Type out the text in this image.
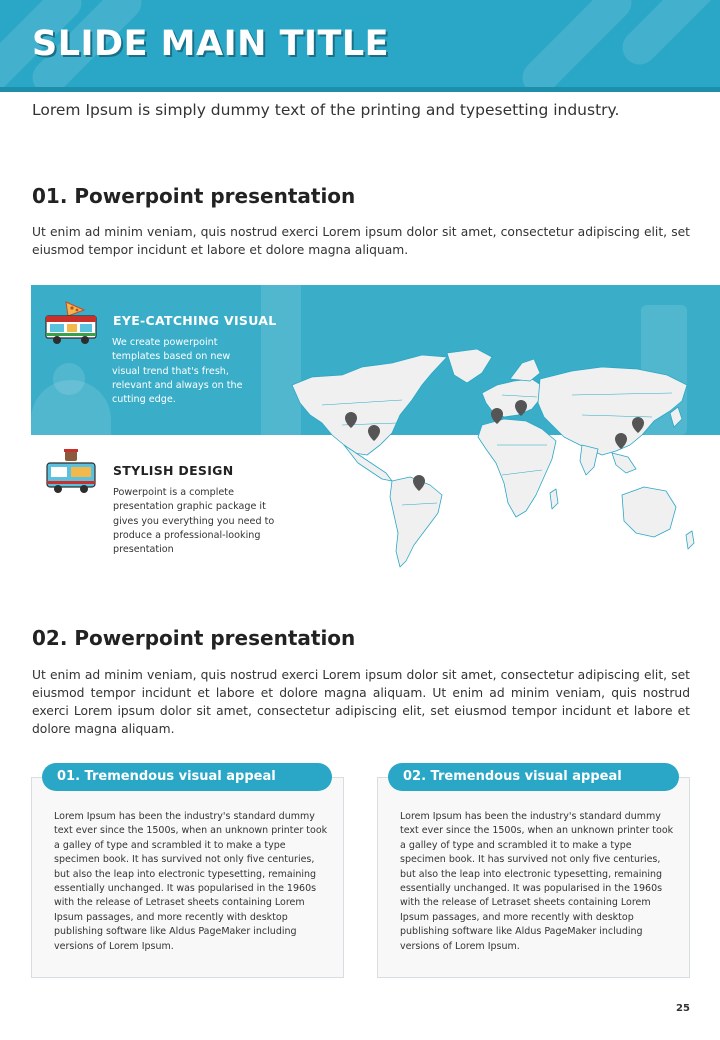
SLIDE MAIN TITLE
Lorem Ipsum is simply dummy text of the printing and typesetting industry.
01. Powerpoint presentation
Ut enim ad minim veniam, quis nostrud exerci Lorem ipsum dolor sit amet, consectetur adipiscing elit, set eiusmod tempor incidunt et labore et dolore magna aliquam.
EYE-CATCHING VISUAL
We create powerpoint templates based on new visual trend that's fresh, relevant and always on the cutting edge.
STYLISH DESIGN
Powerpoint is a complete presentation graphic package it gives you everything you need to produce a professional-looking presentation
02. Powerpoint presentation
Ut enim ad minim veniam, quis nostrud exerci Lorem ipsum dolor sit amet, consectetur adipiscing elit, set eiusmod tempor incidunt et labore et dolore magna aliquam. Ut enim ad minim veniam, quis nostrud exerci Lorem ipsum dolor sit amet, consectetur adipiscing elit, set eiusmod tempor incidunt et labore et dolore magna aliquam.
Lorem Ipsum has been the industry's standard dummy text ever since the 1500s, when an unknown printer took a galley of type and scrambled it to make a type specimen book. It has survived not only five centuries, but also the leap into electronic typesetting, remaining essentially unchanged. It was popularised in the 1960s with the release of Letraset sheets containing Lorem Ipsum passages, and more recently with desktop publishing software like Aldus PageMaker including versions of Lorem Ipsum.
01. Tremendous visual appeal
Lorem Ipsum has been the industry's standard dummy text ever since the 1500s, when an unknown printer took a galley of type and scrambled it to make a type specimen book. It has survived not only five centuries, but also the leap into electronic typesetting, remaining essentially unchanged. It was popularised in the 1960s with the release of Letraset sheets containing Lorem Ipsum passages, and more recently with desktop publishing software like Aldus PageMaker including versions of Lorem Ipsum.
02. Tremendous visual appeal
25
